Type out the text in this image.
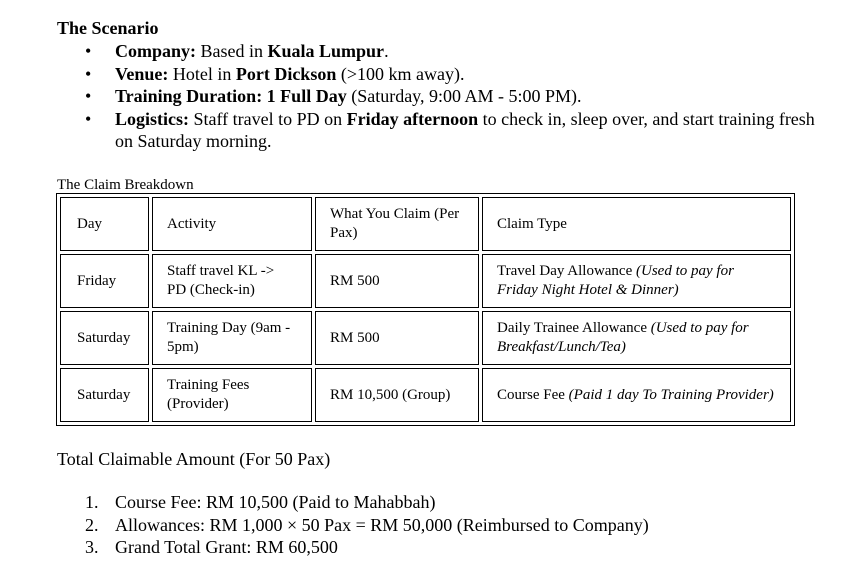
The Scenario
• Company: Based in Kuala Lumpur.
• Venue: Hotel in Port Dickson (>100 km away).
• Training Duration: 1 Full Day (Saturday, 9:00 AM - 5:00 PM).
• Logistics: Staff travel to PD on Friday afternoon to check in, sleep over, and start training fresh on Saturday morning.
The Claim Breakdown
Day	Activity	What You Claim (Per Pax)	Claim Type
Friday	Staff travel KL -> PD (Check-in)	RM 500	Travel Day Allowance (Used to pay for Friday Night Hotel & Dinner)
Saturday	Training Day (9am - 5pm)	RM 500	Daily Trainee Allowance (Used to pay for Breakfast/Lunch/Tea)
Saturday	Training Fees (Provider)	RM 10,500 (Group)	Course Fee (Paid 1 day To Training Provider)
Total Claimable Amount (For 50 Pax)
1. Course Fee: RM 10,500 (Paid to Mahabbah)
2. Allowances: RM 1,000 × 50 Pax = RM 50,000 (Reimbursed to Company)
3. Grand Total Grant: RM 60,500
